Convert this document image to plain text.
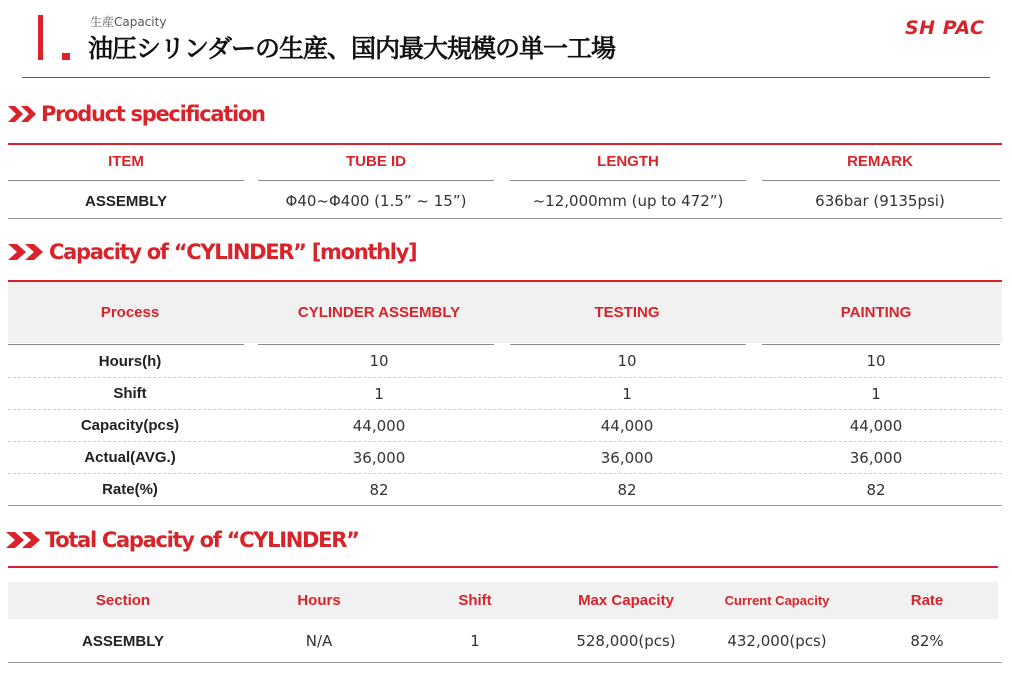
生産Capacity
油圧シリンダーの生産、国内最大規模の単一工場
SH PAC
Product specification
ITEM	TUBE ID	LENGTH	REMARK
ASSEMBLY	Φ40~Φ400 (1.5” ~ 15”)	~12,000mm (up to 472”)	636bar (9135psi)
Capacity of “CYLINDER” [monthly]
Process	CYLINDER ASSEMBLY	TESTING	PAINTING
Hours(h)	10	10	10
Shift	1	1	1
Capacity(pcs)	44,000	44,000	44,000
Actual(AVG.)	36,000	36,000	36,000
Rate(%)	82	82	82
Total Capacity of “CYLINDER”
Section	Hours	Shift	Max Capacity	Current Capacity	Rate
ASSEMBLY	N/A	1	528,000(pcs)	432,000(pcs)	82%
